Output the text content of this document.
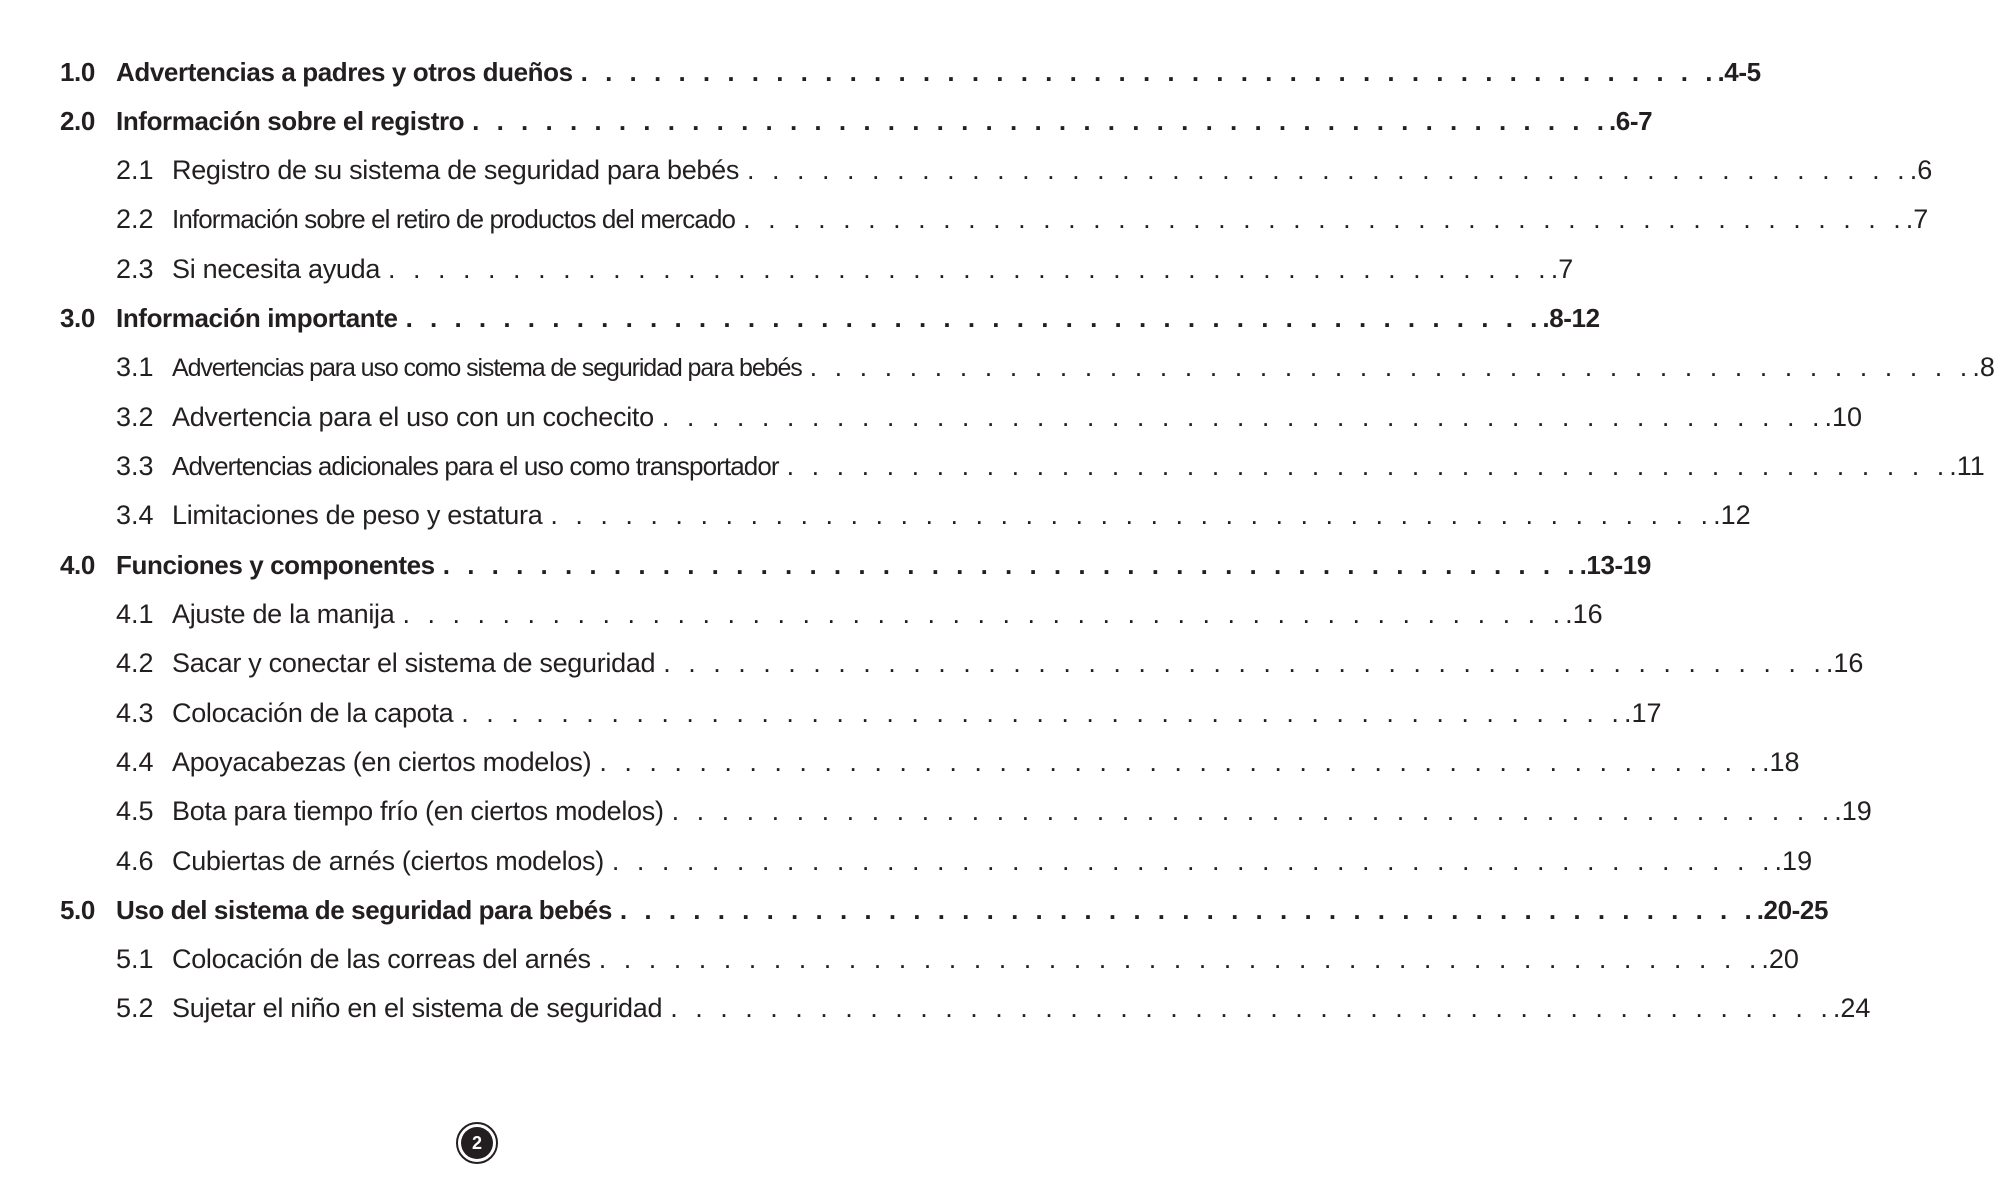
1.0 Advertencias a padres y otros dueños . . . . . . . . . . . . . . . . . . . . . . . . . . . . . . . . . . . . . . . . . . . . . . . .4-5
2.0 Información sobre el registro . . . . . . . . . . . . . . . . . . . . . . . . . . . . . . . . . . . . . . . . . . . . . . . .6-7
2.1 Registro de su sistema de seguridad para bebés . . . . . . . . . . . . . . . . . . . . . . . . . . . . . . . . . . . . . . . . . . . . . . . .6
2.2 Información sobre el retiro de productos del mercado . . . . . . . . . . . . . . . . . . . . . . . . . . . . . . . . . . . . . . . . . . . . . . . .7
2.3 Si necesita ayuda . . . . . . . . . . . . . . . . . . . . . . . . . . . . . . . . . . . . . . . . . . . . . . . .7
3.0 Información importante . . . . . . . . . . . . . . . . . . . . . . . . . . . . . . . . . . . . . . . . . . . . . . . .8-12
3.1 Advertencias para uso como sistema de seguridad para bebés . . . . . . . . . . . . . . . . . . . . . . . . . . . . . . . . . . . . . . . . . . . . . . . .8
3.2 Advertencia para el uso con un cochecito . . . . . . . . . . . . . . . . . . . . . . . . . . . . . . . . . . . . . . . . . . . . . . . .10
3.3 Advertencias adicionales para el uso como transportador . . . . . . . . . . . . . . . . . . . . . . . . . . . . . . . . . . . . . . . . . . . . . . . .11
3.4 Limitaciones de peso y estatura . . . . . . . . . . . . . . . . . . . . . . . . . . . . . . . . . . . . . . . . . . . . . . . .12
4.0 Funciones y componentes . . . . . . . . . . . . . . . . . . . . . . . . . . . . . . . . . . . . . . . . . . . . . . . .13-19
4.1 Ajuste de la manija . . . . . . . . . . . . . . . . . . . . . . . . . . . . . . . . . . . . . . . . . . . . . . . .16
4.2 Sacar y conectar el sistema de seguridad . . . . . . . . . . . . . . . . . . . . . . . . . . . . . . . . . . . . . . . . . . . . . . . .16
4.3 Colocación de la capota . . . . . . . . . . . . . . . . . . . . . . . . . . . . . . . . . . . . . . . . . . . . . . . .17
4.4 Apoyacabezas (en ciertos modelos) . . . . . . . . . . . . . . . . . . . . . . . . . . . . . . . . . . . . . . . . . . . . . . . .18
4.5 Bota para tiempo frío (en ciertos modelos) . . . . . . . . . . . . . . . . . . . . . . . . . . . . . . . . . . . . . . . . . . . . . . . .19
4.6 Cubiertas de arnés (ciertos modelos) . . . . . . . . . . . . . . . . . . . . . . . . . . . . . . . . . . . . . . . . . . . . . . . .19
5.0 Uso del sistema de seguridad para bebés . . . . . . . . . . . . . . . . . . . . . . . . . . . . . . . . . . . . . . . . . . . . . . . .20-25
5.1 Colocación de las correas del arnés . . . . . . . . . . . . . . . . . . . . . . . . . . . . . . . . . . . . . . . . . . . . . . . .20
5.2 Sujetar el niño en el sistema de seguridad . . . . . . . . . . . . . . . . . . . . . . . . . . . . . . . . . . . . . . . . . . . . . . . .24
2
